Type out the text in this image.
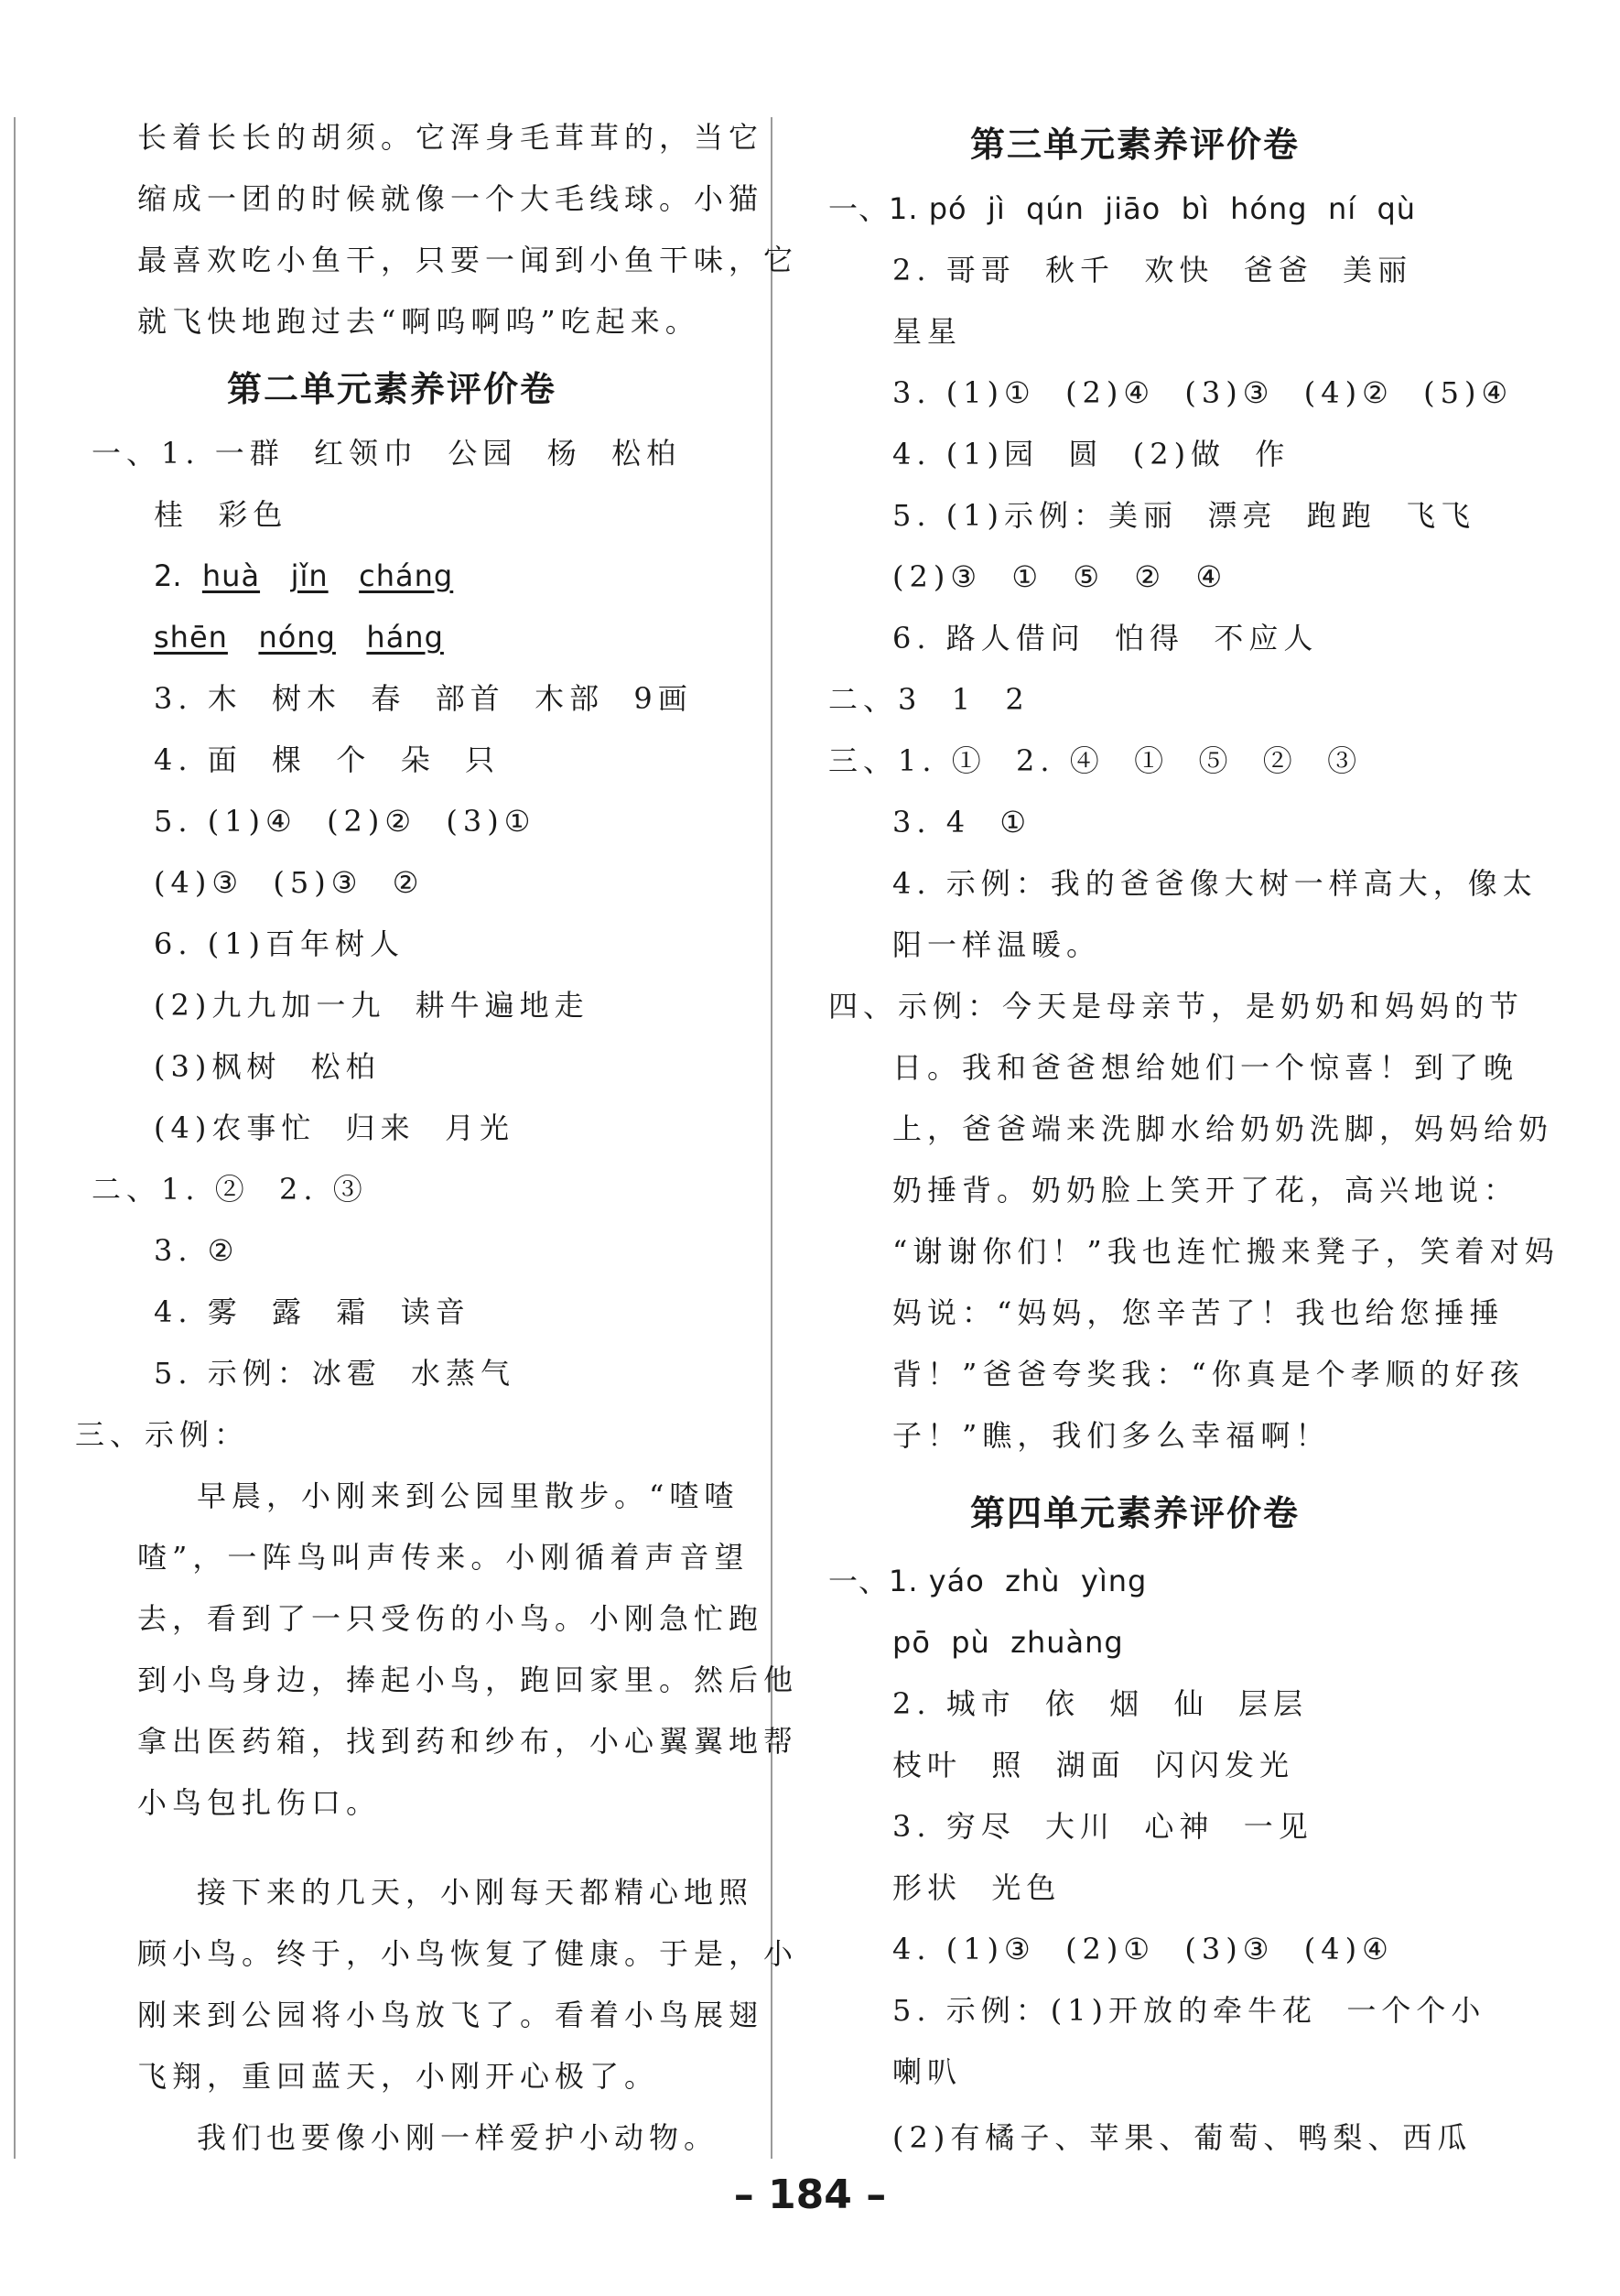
长着长长的胡须。它浑身毛茸茸的，当它
缩成一团的时候就像一个大毛线球。小猫
最喜欢吃小鱼干，只要一闻到小鱼干味，它
就飞快地跑过去“啊呜啊呜”吃起来。
第二单元素养评价卷
一、1. 一群  红领巾  公园  杨  松柏
桂  彩色
2. huà jǐn cháng
shēn nóng háng
3. 木  树木  春  部首  木部  9画
4. 面  棵  个  朵  只
5. (1)④  (2)②  (3)①
(4)③  (5)③  ②
6. (1)百年树人
(2)九九加一九  耕牛遍地走
(3)枫树  松柏
(4)农事忙  归来  月光
二、1. ②  2. ③
3. ②
4. 雾  露  霜  读音
5. 示例：冰雹  水蒸气
三、示例：
早晨，小刚来到公园里散步。“喳喳
喳”，一阵鸟叫声传来。小刚循着声音望
去，看到了一只受伤的小鸟。小刚急忙跑
到小鸟身边，捧起小鸟，跑回家里。然后他
拿出医药箱，找到药和纱布，小心翼翼地帮
小鸟包扎伤口。
接下来的几天，小刚每天都精心地照
顾小鸟。终于，小鸟恢复了健康。于是，小
刚来到公园将小鸟放飞了。看着小鸟展翅
飞翔，重回蓝天，小刚开心极了。
我们也要像小刚一样爱护小动物。
第三单元素养评价卷
一、1. pó  jì  qún  jiāo  bì  hóng  ní  qù
2. 哥哥  秋千  欢快  爸爸  美丽
星星
3. (1)①  (2)④  (3)③  (4)②  (5)④
4. (1)园  圆  (2)做  作
5. (1)示例：美丽  漂亮  跑跑  飞飞
(2)③  ①  ⑤  ②  ④
6. 路人借问  怕得  不应人
二、3  1  2
三、1. ①  2. ④  ①  ⑤  ②  ③
3. 4  ①
4. 示例：我的爸爸像大树一样高大，像太
阳一样温暖。
四、示例：今天是母亲节，是奶奶和妈妈的节
日。我和爸爸想给她们一个惊喜！到了晚
上，爸爸端来洗脚水给奶奶洗脚，妈妈给奶
奶捶背。奶奶脸上笑开了花，高兴地说：
“谢谢你们！”我也连忙搬来凳子，笑着对妈
妈说：“妈妈，您辛苦了！我也给您捶捶
背！”爸爸夸奖我：“你真是个孝顺的好孩
子！”瞧，我们多么幸福啊！
第四单元素养评价卷
一、1. yáo  zhù  yìng
pō  pù  zhuàng
2. 城市  依  烟  仙  层层
枝叶  照  湖面  闪闪发光
3. 穷尽  大川  心神  一见
形状  光色
4. (1)③  (2)①  (3)③  (4)④
5. 示例：(1)开放的牵牛花  一个个小
喇叭
(2)有橘子、苹果、葡萄、鸭梨、西瓜
– 184 –
